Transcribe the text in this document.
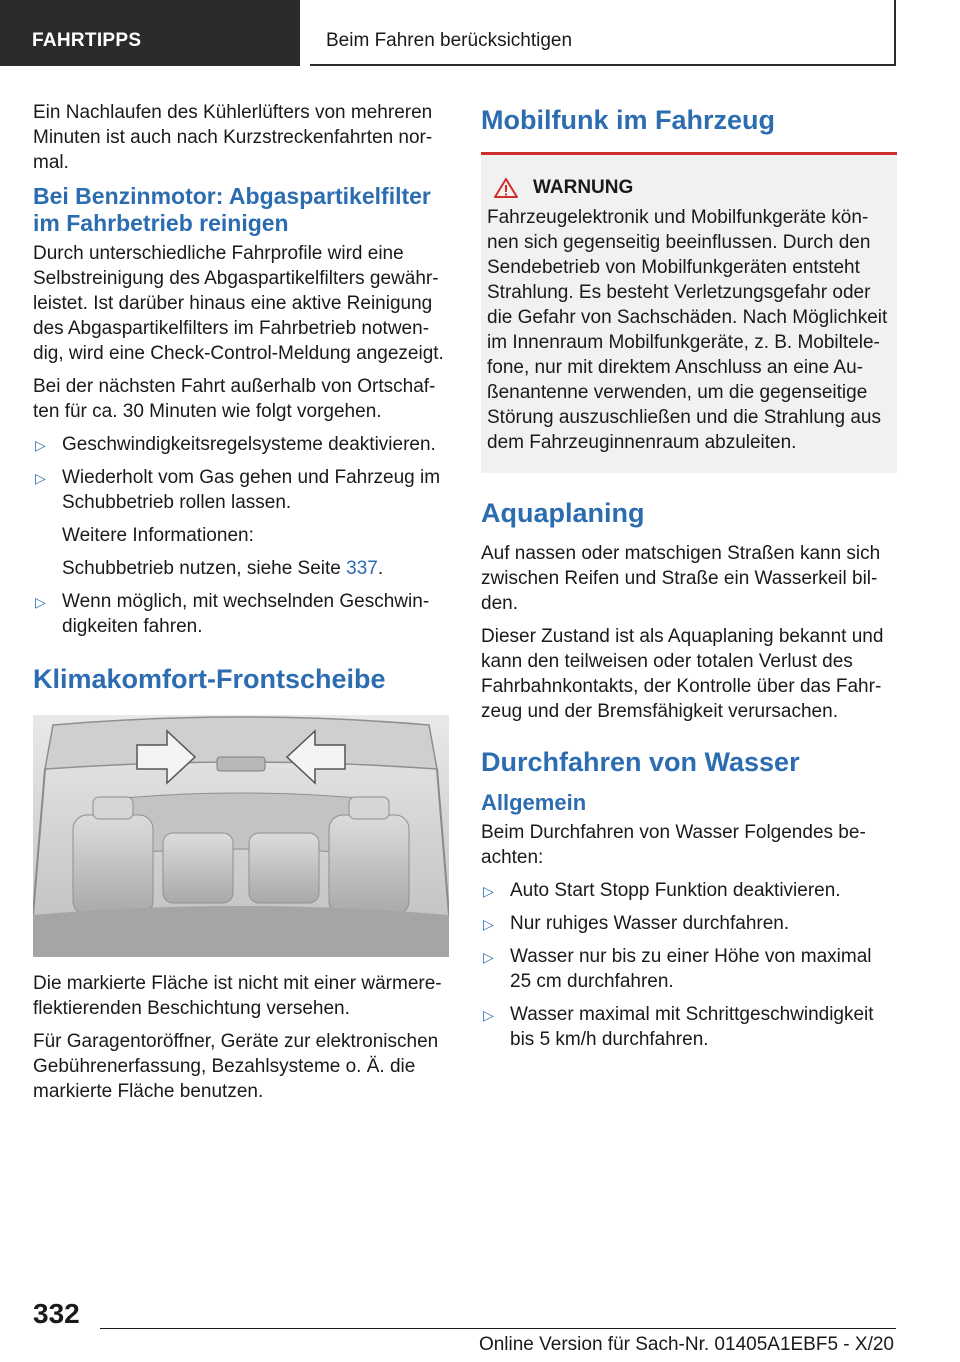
FAHRTIPPS	Beim Fahren berücksichtigen

Ein Nachlaufen des Kühlerlüfters von mehreren Minuten ist auch nach Kurzstreckenfahrten normal.

Bei Benzinmotor: Abgaspartikelfilter im Fahrbetrieb reinigen

Durch unterschiedliche Fahrprofile wird eine Selbstreinigung des Abgaspartikelfilters gewährleistet. Ist darüber hinaus eine aktive Reinigung des Abgaspartikelfilters im Fahrbetrieb notwendig, wird eine Check-Control-Meldung angezeigt.

Bei der nächsten Fahrt außerhalb von Ortschaften für ca. 30 Minuten wie folgt vorgehen.

▷ Geschwindigkeitsregelsysteme deaktivieren.
▷ Wiederholt vom Gas gehen und Fahrzeug im Schubbetrieb rollen lassen.
Weitere Informationen:
Schubbetrieb nutzen, siehe Seite 337.
▷ Wenn möglich, mit wechselnden Geschwindigkeiten fahren.
Klimakomfort-Frontscheibe

Die markierte Fläche ist nicht mit einer wärmereflektierenden Beschichtung versehen.

Für Garagentoröffner, Geräte zur elektronischen Gebührenerfassung, Bezahlsysteme o. Ä. die markierte Fläche benutzen.

Mobilfunk im Fahrzeug
WARNUNG

Fahrzeugelektronik und Mobilfunkgeräte können sich gegenseitig beeinflussen. Durch den Sendebetrieb von Mobilfunkgeräten entsteht Strahlung. Es besteht Verletzungsgefahr oder die Gefahr von Sachschäden. Nach Möglichkeit im Innenraum Mobilfunkgeräte, z. B. Mobiltelefone, nur mit direktem Anschluss an eine Außenantenne verwenden, um die gegenseitige Störung auszuschließen und die Strahlung aus dem Fahrzeuginnenraum abzuleiten.

Aquaplaning

Auf nassen oder matschigen Straßen kann sich zwischen Reifen und Straße ein Wasserkeil bilden.

Dieser Zustand ist als Aquaplaning bekannt und kann den teilweisen oder totalen Verlust des Fahrbahnkontakts, der Kontrolle über das Fahrzeug und der Bremsfähigkeit verursachen.

Durchfahren von Wasser
Allgemein

Beim Durchfahren von Wasser Folgendes beachten:

▷ Auto Start Stopp Funktion deaktivieren.
▷ Nur ruhiges Wasser durchfahren.
▷ Wasser nur bis zu einer Höhe von maximal 25 cm durchfahren.
▷ Wasser maximal mit Schrittgeschwindigkeit bis 5 km/h durchfahren.
332
Online Version für Sach-Nr. 01405A1EBF5 - X/20
